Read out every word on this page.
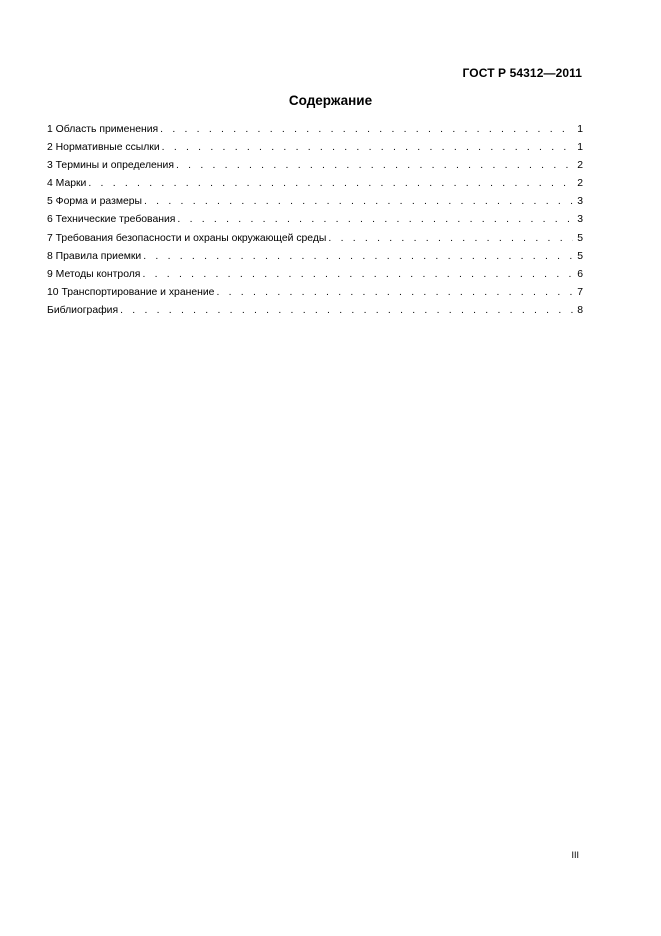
ГОСТ Р 54312—2011
Содержание
1 Область применения . . .	1
2 Нормативные ссылки . . .	1
3 Термины и определения . . .	2
4 Марки . . .	2
5 Форма и размеры . . .	3
6 Технические требования . . .	3
7 Требования безопасности и охраны окружающей среды . . .	5
8 Правила приемки . . .	5
9 Методы контроля . . .	6
10 Транспортирование и хранение . . .	7
Библиография . . .	8
III
